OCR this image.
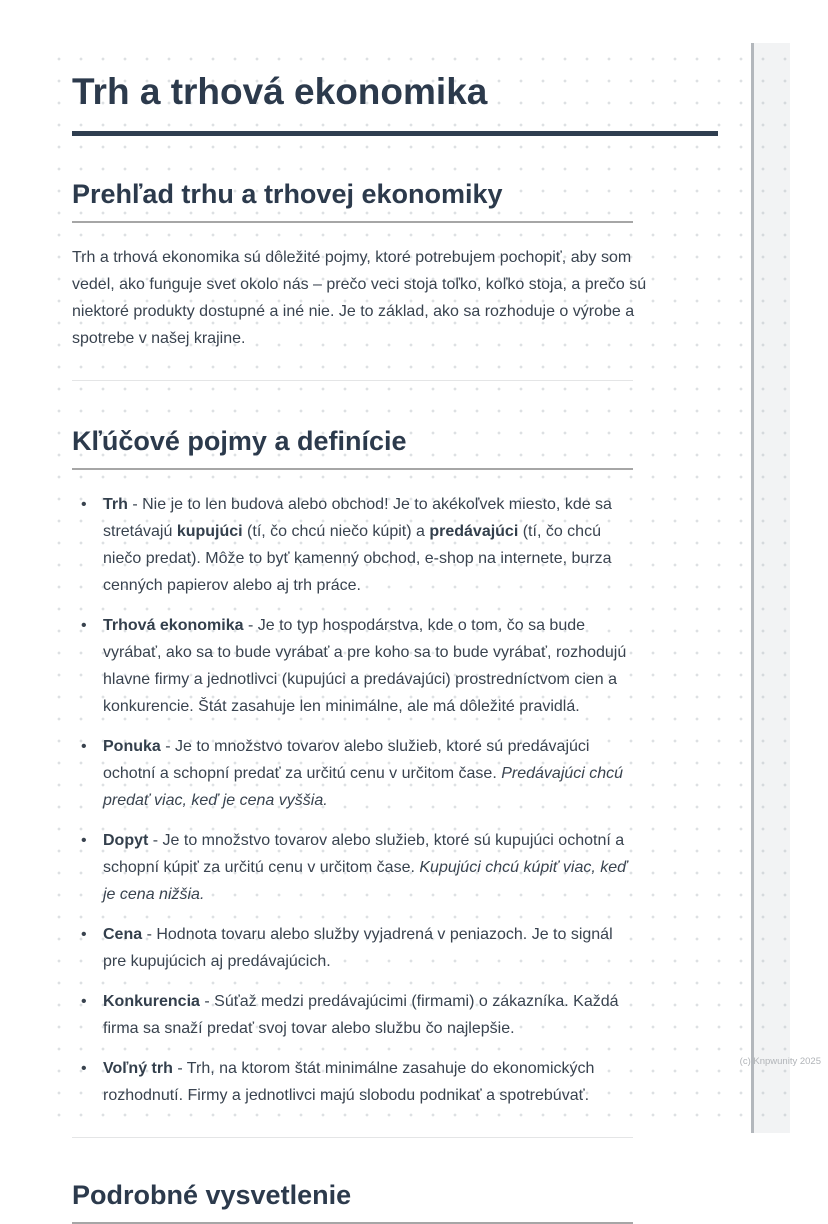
Trh a trhová ekonomika
Prehľad trhu a trhovej ekonomiky

Trh a trhová ekonomika sú dôležité pojmy, ktoré potrebujem pochopiť, aby som vedel, ako funguje svet okolo nás – prečo veci stoja toľko, koľko stoja, a prečo sú niektoré produkty dostupné a iné nie. Je to základ, ako sa rozhoduje o výrobe a spotrebe v našej krajine.

Kľúčové pojmy a definície
• Trh - Nie je to len budova alebo obchod! Je to akékoľvek miesto, kde sa stretávajú kupujúci (tí, čo chcú niečo kúpit) a predávajúci (tí, čo chcú niečo predat). Môže to byť kamenný obchod, e-shop na internete, burza cenných papierov alebo aj trh práce.
• Trhová ekonomika - Je to typ hospodárstva, kde o tom, čo sa bude vyrábať, ako sa to bude vyrábať a pre koho sa to bude vyrábať, rozhodujú hlavne firmy a jednotlivci (kupujúci a predávajúci) prostredníctvom cien a konkurencie. Štát zasahuje len minimálne, ale má dôležité pravidlá.
• Ponuka - Je to množstvo tovarov alebo služieb, ktoré sú predávajúci ochotní a schopní predať za určitú cenu v určitom čase. Predávajúci chcú predať viac, keď je cena vyššia.
• Dopyt - Je to množstvo tovarov alebo služieb, ktoré sú kupujúci ochotní a schopní kúpiť za určitú cenu v určitom čase. Kupujúci chcú kúpiť viac, keď je cena nižšia.
• Cena - Hodnota tovaru alebo služby vyjadrená v peniazoch. Je to signál pre kupujúcich aj predávajúcich.
• Konkurencia - Súťaž medzi predávajúcimi (firmami) o zákazníka. Každá firma sa snaží predať svoj tovar alebo službu čo najlepšie.
• Voľný trh - Trh, na ktorom štát minimálne zasahuje do ekonomických rozhodnutí. Firmy a jednotlivci majú slobodu podnikať a spotrebúvať.
Podrobné vysvetlenie
(c) Knpwunity 2025
